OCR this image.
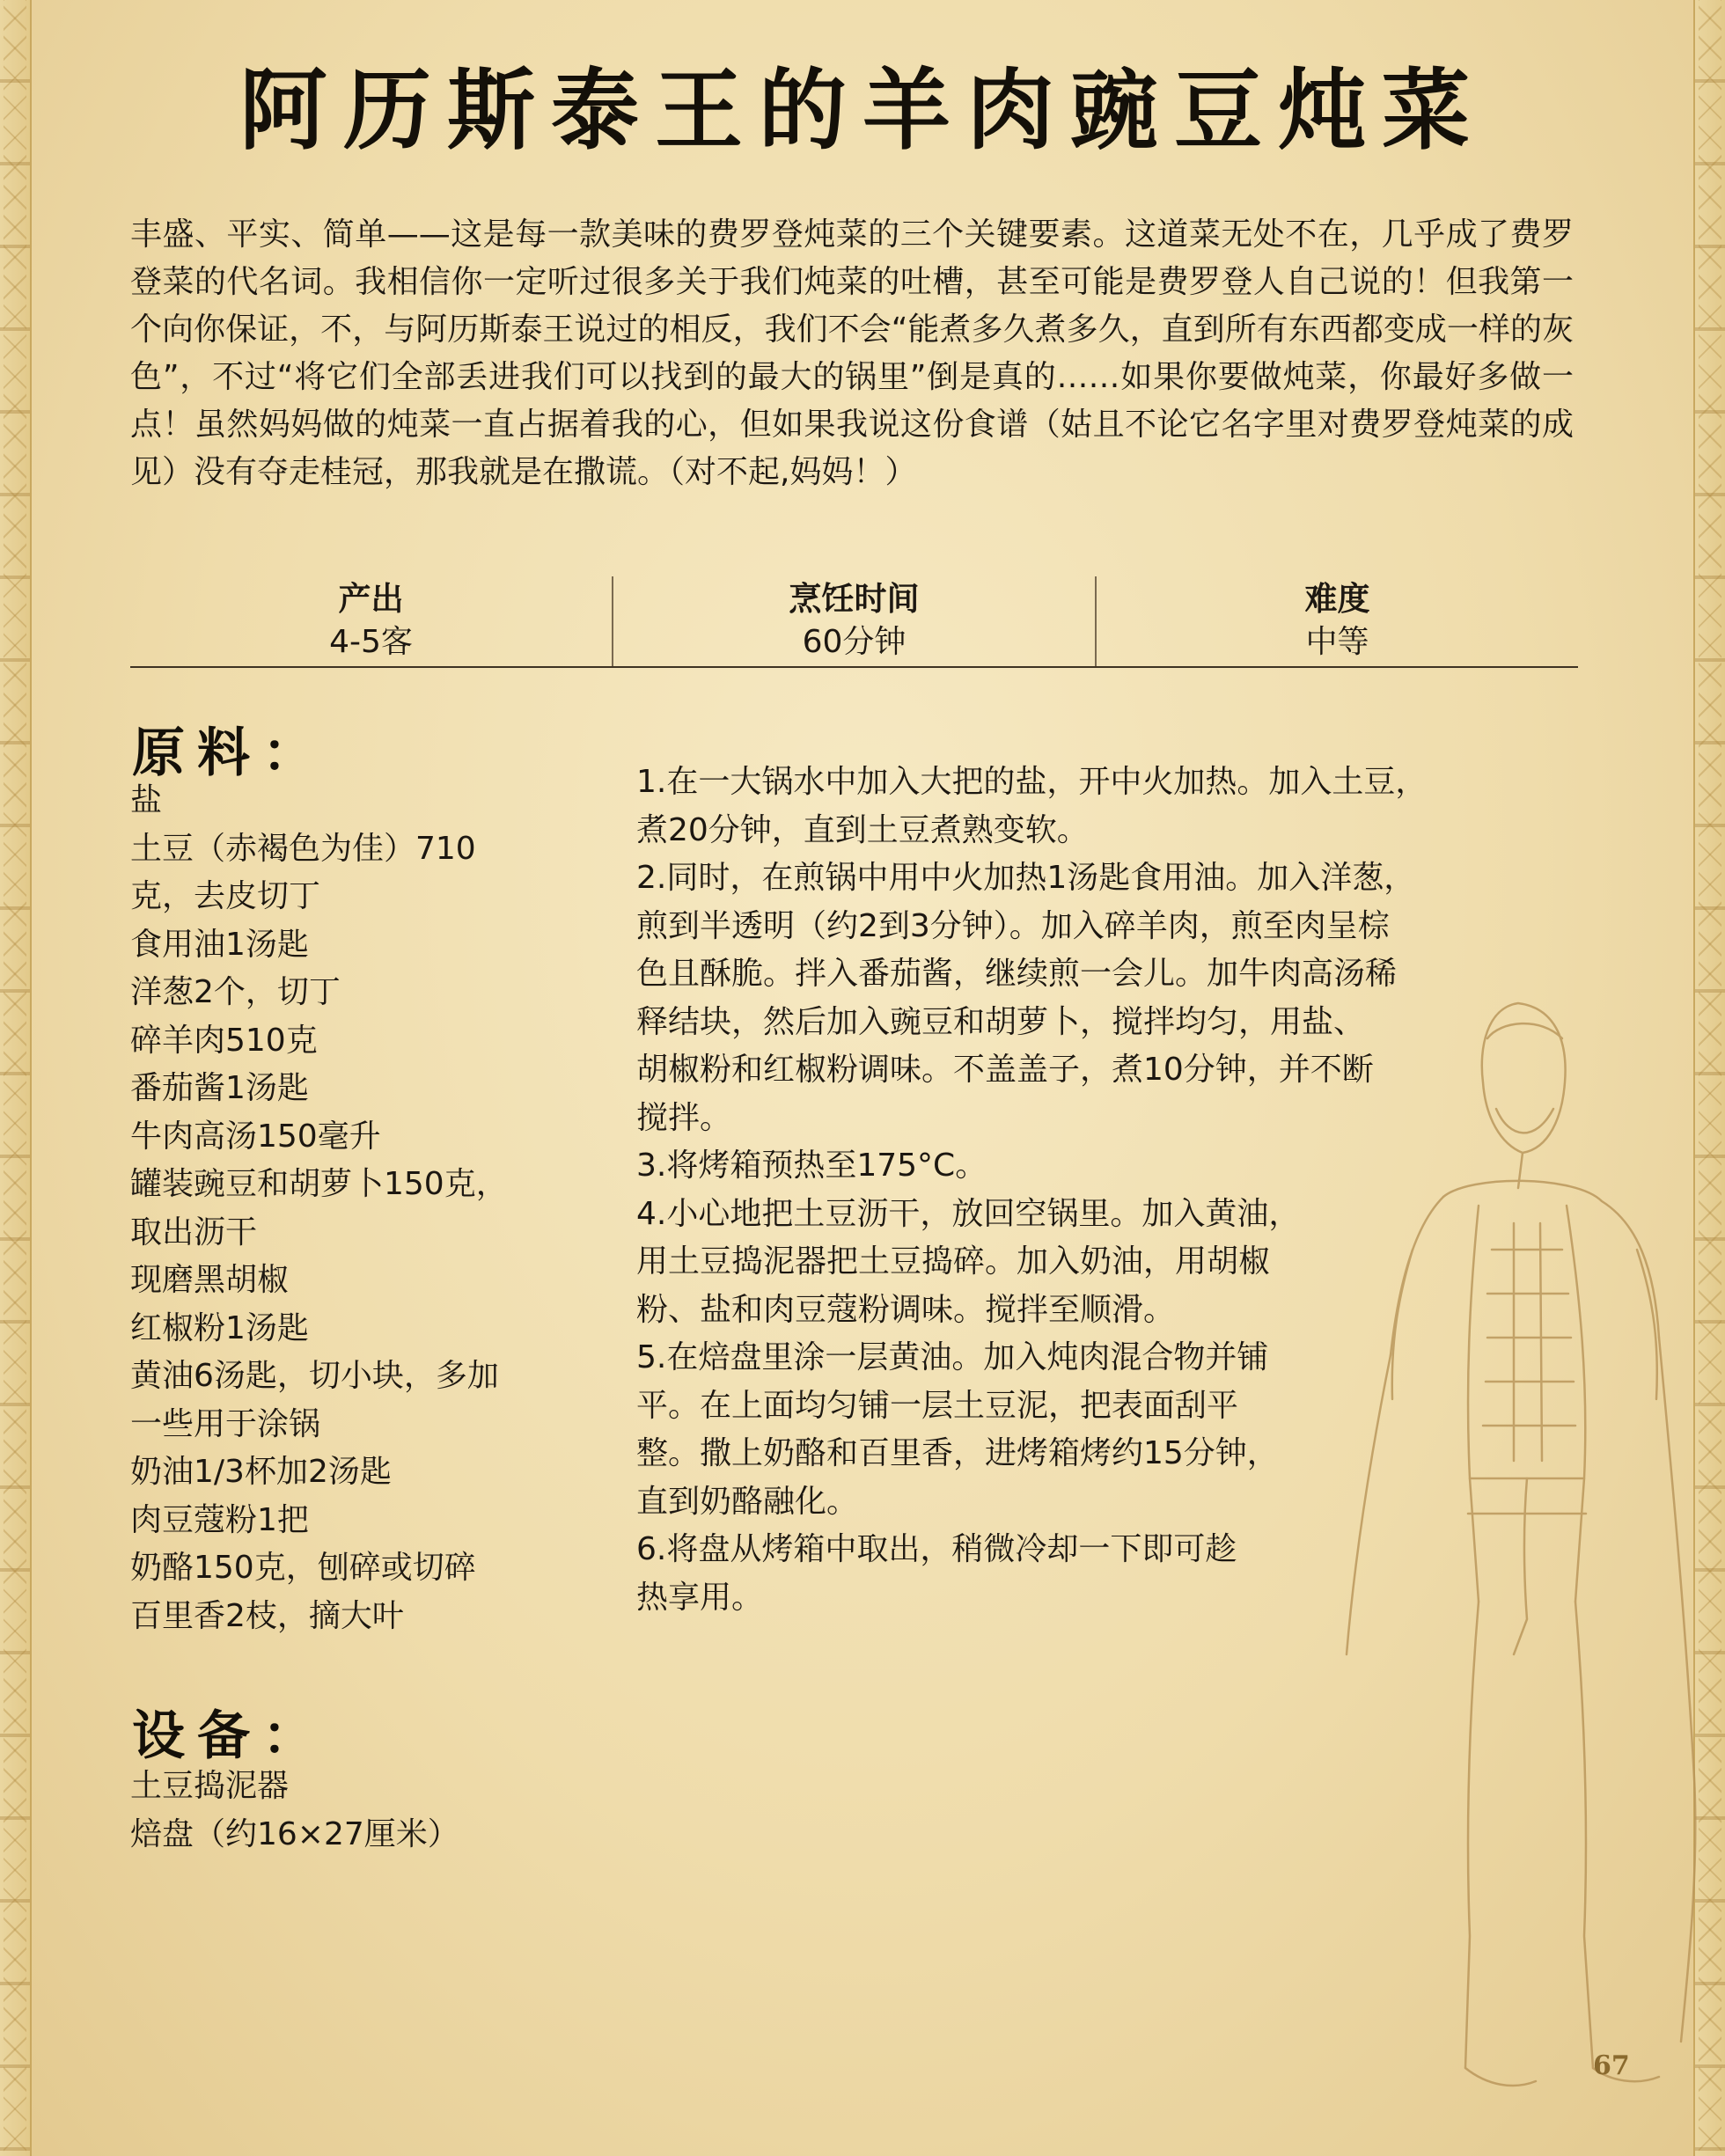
阿历斯泰王的羊肉豌豆炖菜

丰盛、平实、简单——这是每一款美味的费罗登炖菜的三个关键要素。这道菜无处不在，几乎成了费罗登菜的代名词。我相信你一定听过很多关于我们炖菜的吐槽，甚至可能是费罗登人自己说的！但我第一个向你保证，不，与阿历斯泰王说过的相反，我们不会“能煮多久煮多久，直到所有东西都变成一样的灰色”，不过“将它们全部丢进我们可以找到的最大的锅里”倒是真的……如果你要做炖菜，你最好多做一点！虽然妈妈做的炖菜一直占据着我的心，但如果我说这份食谱（姑且不论它名字里对费罗登炖菜的成见）没有夺走桂冠，那我就是在撒谎。（对不起,妈妈！）

产出
4-5客
烹饪时间
60分钟
难度
中等
原料：
盐
土豆（赤褐色为佳）710
克，去皮切丁
食用油1汤匙
洋葱2个，切丁
碎羊肉510克
番茄酱1汤匙
牛肉高汤150毫升
罐装豌豆和胡萝卜150克，
取出沥干
现磨黑胡椒
红椒粉1汤匙
黄油6汤匙，切小块，多加
一些用于涂锅
奶油1/3杯加2汤匙
肉豆蔻粉1把
奶酪150克，刨碎或切碎
百里香2枝，摘大叶
设备：
土豆捣泥器
焙盘（约16×27厘米）
1.在一大锅水中加入大把的盐，开中火加热。加入土豆，
煮20分钟，直到土豆煮熟变软。
2.同时，在煎锅中用中火加热1汤匙食用油。加入洋葱，
煎到半透明（约2到3分钟）。加入碎羊肉，煎至肉呈棕
色且酥脆。拌入番茄酱，继续煎一会儿。加牛肉高汤稀
释结块，然后加入豌豆和胡萝卜，搅拌均匀，用盐、
胡椒粉和红椒粉调味。不盖盖子，煮10分钟，并不断
搅拌。
3.将烤箱预热至175°C。
4.小心地把土豆沥干，放回空锅里。加入黄油，
用土豆捣泥器把土豆捣碎。加入奶油，用胡椒
粉、盐和肉豆蔻粉调味。搅拌至顺滑。
5.在焙盘里涂一层黄油。加入炖肉混合物并铺
平。在上面均匀铺一层土豆泥，把表面刮平
整。撒上奶酪和百里香，进烤箱烤约15分钟，
直到奶酪融化。
6.将盘从烤箱中取出，稍微冷却一下即可趁
热享用。
67
